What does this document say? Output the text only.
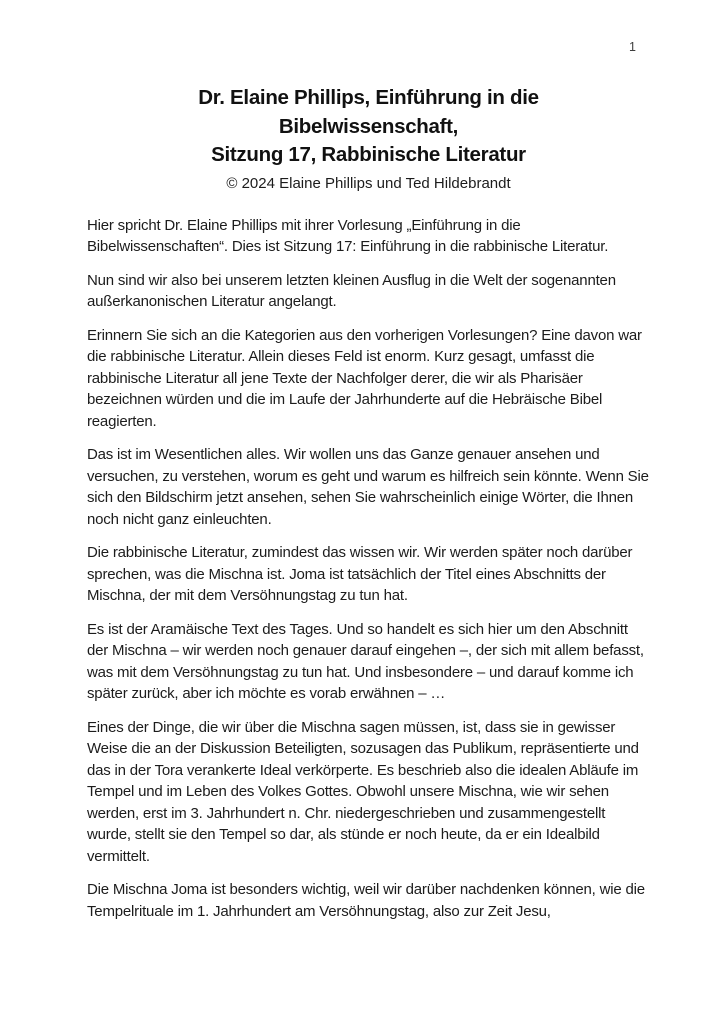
1
Dr. Elaine Phillips, Einführung in die
Bibelwissenschaft,
Sitzung 17, Rabbinische Literatur
© 2024 Elaine Phillips und Ted Hildebrandt

Hier spricht Dr. Elaine Phillips mit ihrer Vorlesung „Einführung in die Bibelwissenschaften“. Dies ist Sitzung 17: Einführung in die rabbinische Literatur.

Nun sind wir also bei unserem letzten kleinen Ausflug in die Welt der sogenannten außerkanonischen Literatur angelangt.

Erinnern Sie sich an die Kategorien aus den vorherigen Vorlesungen? Eine davon war die rabbinische Literatur. Allein dieses Feld ist enorm. Kurz gesagt, umfasst die rabbinische Literatur all jene Texte der Nachfolger derer, die wir als Pharisäer bezeichnen würden und die im Laufe der Jahrhunderte auf die Hebräische Bibel reagierten.

Das ist im Wesentlichen alles. Wir wollen uns das Ganze genauer ansehen und versuchen, zu verstehen, worum es geht und warum es hilfreich sein könnte. Wenn Sie sich den Bildschirm jetzt ansehen, sehen Sie wahrscheinlich einige Wörter, die Ihnen noch nicht ganz einleuchten.

Die rabbinische Literatur, zumindest das wissen wir. Wir werden später noch darüber sprechen, was die Mischna ist. Joma ist tatsächlich der Titel eines Abschnitts der Mischna, der mit dem Versöhnungstag zu tun hat.

Es ist der Aramäische Text des Tages. Und so handelt es sich hier um den Abschnitt der Mischna – wir werden noch genauer darauf eingehen –, der sich mit allem befasst, was mit dem Versöhnungstag zu tun hat. Und insbesondere – und darauf komme ich später zurück, aber ich möchte es vorab erwähnen – …

Eines der Dinge, die wir über die Mischna sagen müssen, ist, dass sie in gewisser Weise die an der Diskussion Beteiligten, sozusagen das Publikum, repräsentierte und das in der Tora verankerte Ideal verkörperte. Es beschrieb also die idealen Abläufe im Tempel und im Leben des Volkes Gottes. Obwohl unsere Mischna, wie wir sehen werden, erst im 3. Jahrhundert n. Chr. niedergeschrieben und zusammengestellt wurde, stellt sie den Tempel so dar, als stünde er noch heute, da er ein Idealbild vermittelt.

Die Mischna Joma ist besonders wichtig, weil wir darüber nachdenken können, wie die Tempelrituale im 1. Jahrhundert am Versöhnungstag, also zur Zeit Jesu,
